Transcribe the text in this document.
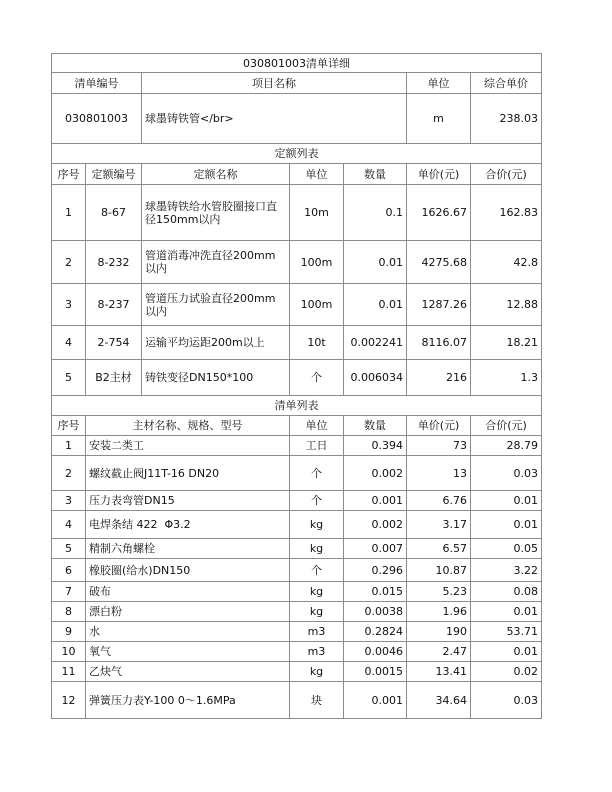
030801003清单详细						
清单编号		项目名称			单位	综合单价
030801003		球墨铸铁管</br>			m	238.03
定额列表						
序号	定额编号	定额名称	单位	数量	单价(元)	合价(元)
1	8-67	球墨铸铁给水管胶圈接口直径150mm以内	10m	0.1	1626.67	162.83
2	8-232	管道消毒冲洗直径200mm以内	100m	0.01	4275.68	42.8
3	8-237	管道压力试验直径200mm以内	100m	0.01	1287.26	12.88
4	2-754	运输平均运距200m以上	10t	0.002241	8116.07	18.21
5	B2主材	铸铁变径DN150*100	个	0.006034	216	1.3
清单列表						
序号	主材名称、规格、型号		单位	数量	单价(元)	合价(元)
1	安装二类工		工日	0.394	73	28.79
2	螺纹截止阀J11T-16 DN20		个	0.002	13	0.03
3	压力表弯管DN15		个	0.001	6.76	0.01
4	电焊条结 422  Φ3.2		kg	0.002	3.17	0.01
5	精制六角螺栓		kg	0.007	6.57	0.05
6	橡胶圈(给水)DN150		个	0.296	10.87	3.22
7	破布		kg	0.015	5.23	0.08
8	漂白粉		kg	0.0038	1.96	0.01
9	水		m3	0.2824	190	53.71
10	氧气		m3	0.0046	2.47	0.01
11	乙炔气		kg	0.0015	13.41	0.02
12	弹簧压力表Y-100 0～1.6MPa		块	0.001	34.64	0.03
